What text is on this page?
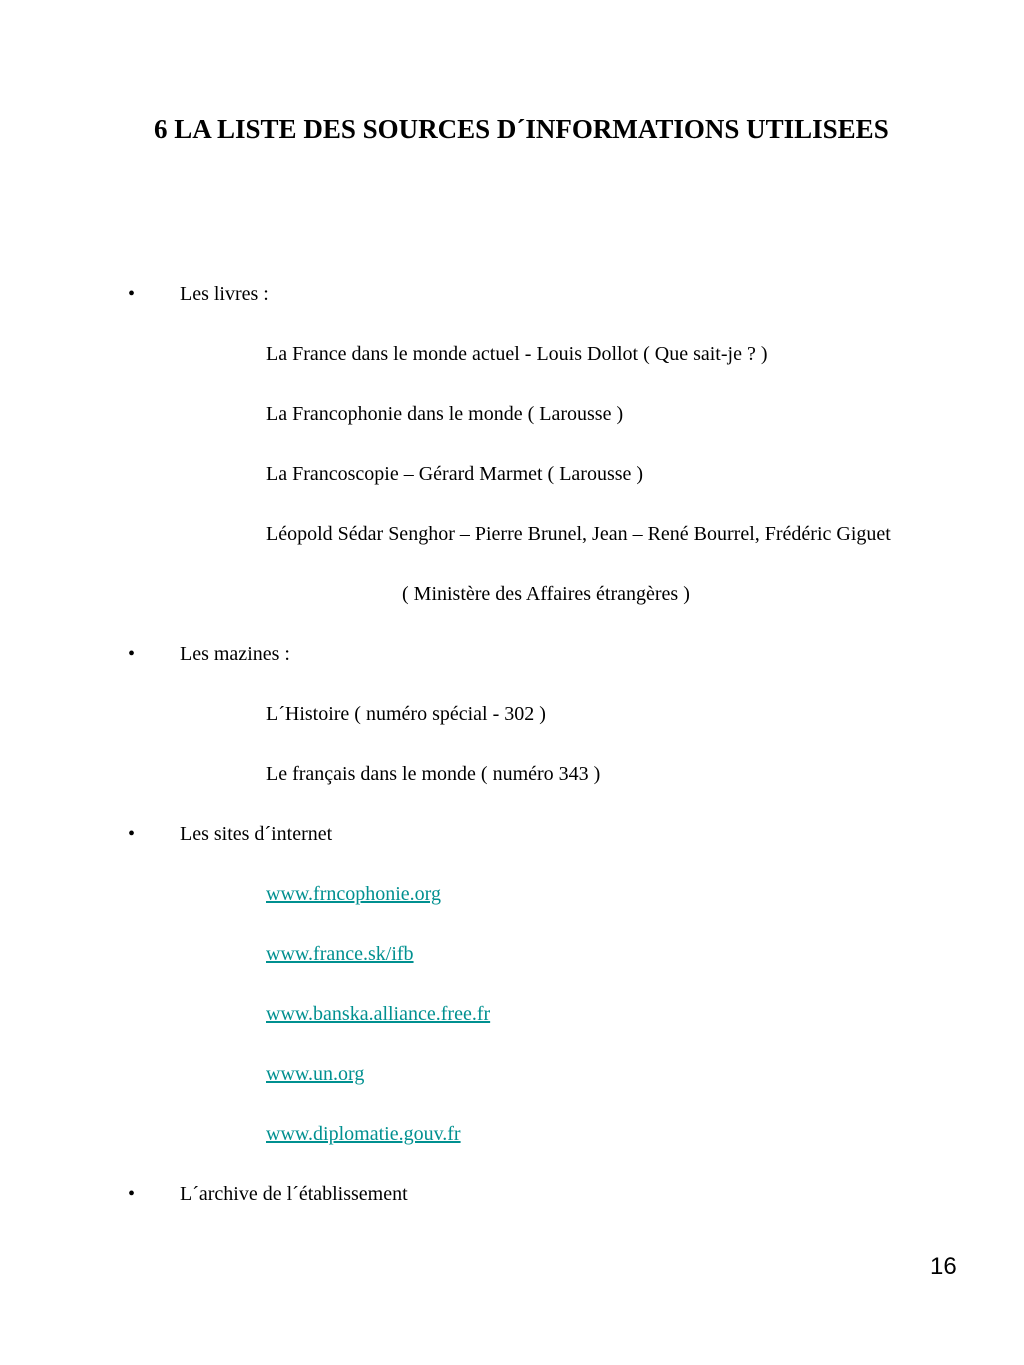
6 LA LISTE DES SOURCES D´INFORMATIONS UTILISEES
• Les livres :
La France dans le monde actuel - Louis Dollot ( Que sait-je ? )
La Francophonie dans le monde ( Larousse )
La Francoscopie – Gérard Marmet ( Larousse )
Léopold Sédar Senghor – Pierre Brunel, Jean – René Bourrel, Frédéric Giguet
( Ministère des Affaires étrangères )
• Les mazines :
L´Histoire ( numéro spécial - 302 )
Le français dans le monde ( numéro 343 )
• Les sites d´internet
www.frncophonie.org
www.france.sk/ifb
www.banska.alliance.free.fr
www.un.org
www.diplomatie.gouv.fr
• L´archive de l´établissement
16
